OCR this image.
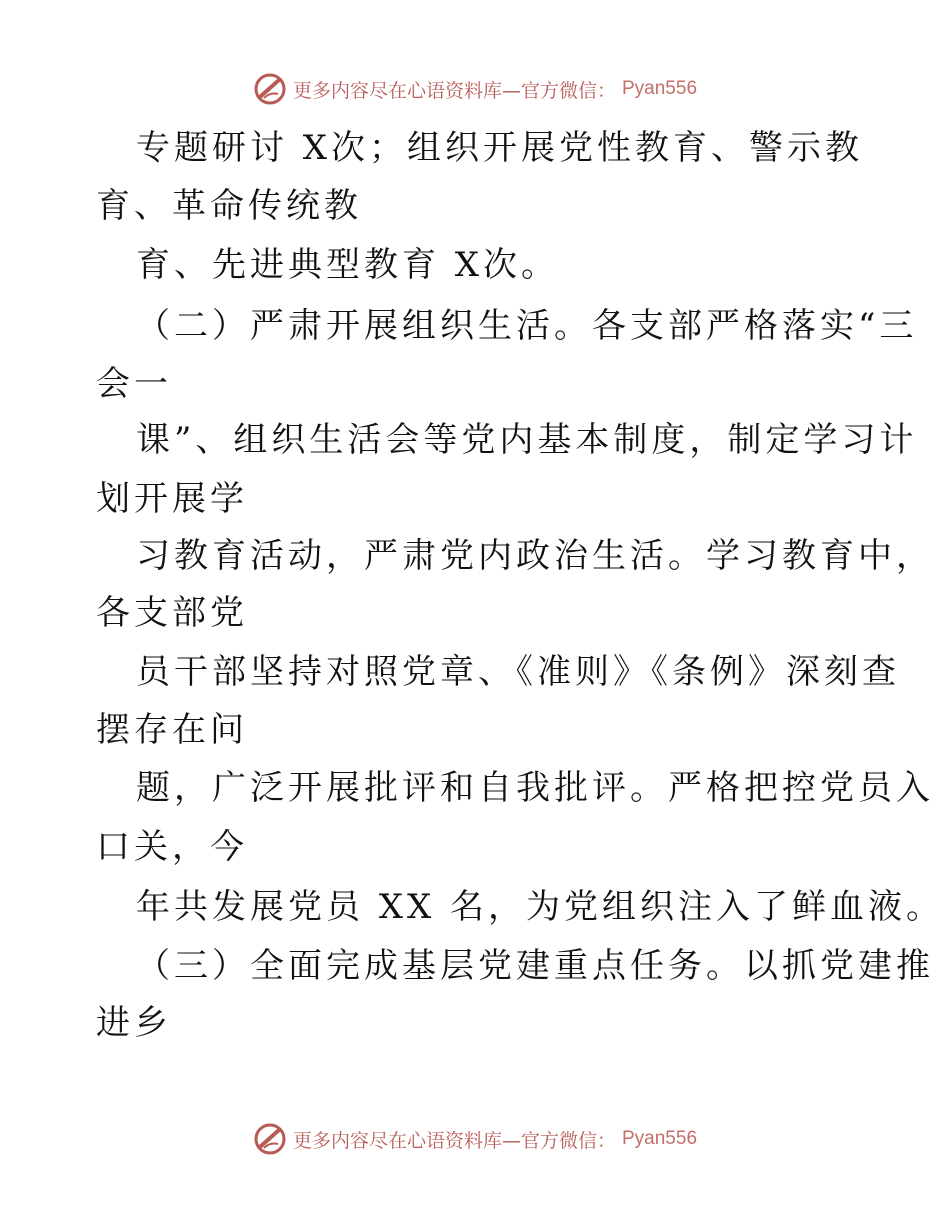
更多内容尽在心语资料库—官方微信： Pyan556
专题研讨 X次；组织开展党性教育、警示教
育、革命传统教
育、先进典型教育 X次。
（二）严肃开展组织生活。各支部严格落实“三
会一
课”、组织生活会等党内基本制度，制定学习计
划开展学
习教育活动，严肃党内政治生活。学习教育中，
各支部党
员干部坚持对照党章、《准则》《条例》深刻查
摆存在问
题，广泛开展批评和自我批评。严格把控党员入
口关，今
年共发展党员 XX 名，为党组织注入了鲜血液。
（三）全面完成基层党建重点任务。以抓党建推
进乡
更多内容尽在心语资料库—官方微信： Pyan556
